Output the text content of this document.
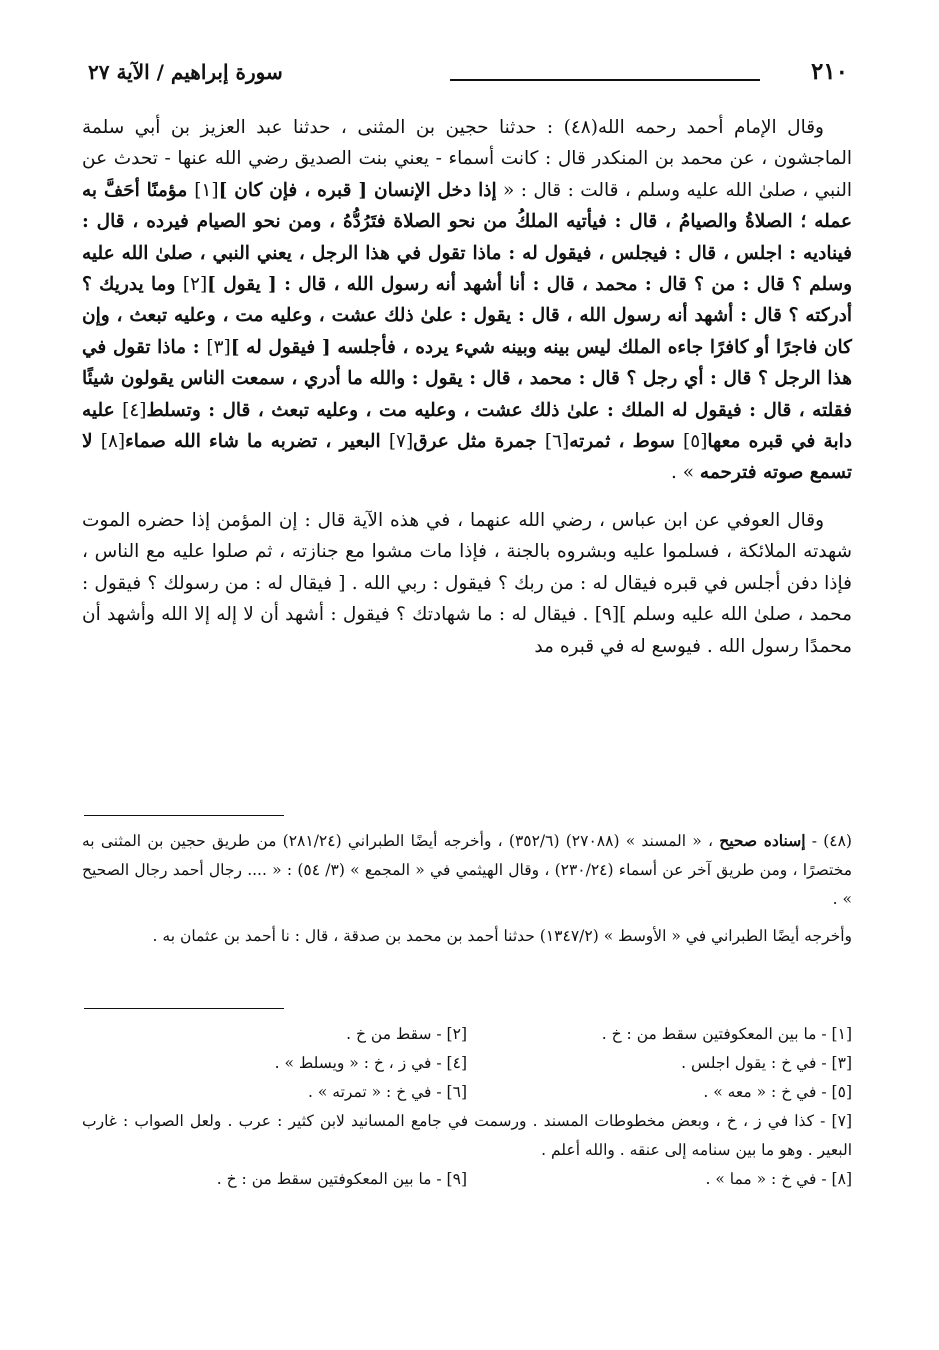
٢١٠
سورة إبراهيم / الآية ٢٧

وقال الإمام أحمد رحمه الله(٤٨) : حدثنا حجين بن المثنى ، حدثنا عبد العزيز بن أبي سلمة الماجشون ، عن محمد بن المنكدر قال : كانت أسماء - يعني بنت الصديق رضي الله عنها - تحدث عن النبي ، صلىٰ الله عليه وسلم ، قالت : قال : « إذا دخل الإنسان [ قبره ، فإن كان ][١] مؤمنًا أحَفَّ به عمله ؛ الصلاةُ والصيامُ ، قال : فيأتيه الملكُ من نحو الصلاة فتَرُدُّهُ ، ومن نحو الصيام فيرده ، قال : فيناديه : اجلس ، قال : فيجلس ، فيقول له : ماذا تقول في هذا الرجل ، يعني النبي ، صلىٰ الله عليه وسلم ؟ قال : من ؟ قال : محمد ، قال : أنا أشهد أنه رسول الله ، قال : [ يقول ][٢] وما يدريك ؟ أدركته ؟ قال : أشهد أنه رسول الله ، قال : يقول : علىٰ ذلك عشت ، وعليه مت ، وعليه تبعث ، وإن كان فاجرًا أو كافرًا جاءه الملك ليس بينه وبينه شيء يرده ، فأجلسه [ فيقول له ][٣] : ماذا تقول في هذا الرجل ؟ قال : أي رجل ؟ قال : محمد ، قال : يقول : والله ما أدري ، سمعت الناس يقولون شيئًا فقلته ، قال : فيقول له الملك : علىٰ ذلك عشت ، وعليه مت ، وعليه تبعث ، قال : وتسلط[٤] عليه دابة في قبره معها[٥] سوط ، ثمرته[٦] جمرة مثل عرق[٧] البعير ، تضربه ما شاء الله صماء[٨] لا تسمع صوته فترحمه » .

وقال العوفي عن ابن عباس ، رضي الله عنهما ، في هذه الآية قال : إن المؤمن إذا حضره الموت شهدته الملائكة ، فسلموا عليه وبشروه بالجنة ، فإذا مات مشوا مع جنازته ، ثم صلوا عليه مع الناس ، فإذا دفن أجلس في قبره فيقال له : من ربك ؟ فيقول : ربي الله . [ فيقال له : من رسولك ؟ فيقول : محمد ، صلىٰ الله عليه وسلم ][٩] . فيقال له : ما شهادتك ؟ فيقول : أشهد أن لا إله إلا الله وأشهد أن محمدًا رسول الله . فيوسع له في قبره مد

(٤٨) - إسناده صحيح ، « المسند » (٢٧٠٨٨) (٣٥٢/٦) ، وأخرجه أيضًا الطبراني (٢٨١/٢٤) من طريق حجين بن المثنى به مختصرًا ، ومن طريق آخر عن أسماء (٢٣٠/٢٤) ، وقال الهيثمي في « المجمع » (٣/ ٥٤) : « .... رجال أحمد رجال الصحيح » .

وأخرجه أيضًا الطبراني في « الأوسط » (١٣٤٧/٢) حدثنا أحمد بن محمد بن صدقة ، قال : نا أحمد بن عثمان به .

[١] - ما بين المعكوفتين سقط من : خ .
[٢] - سقط من خ .
[٣] - في خ : يقول اجلس .
[٤] - في ز ، خ : « ويسلط » .
[٥] - في خ : « معه » .
[٦] - في خ : « تمرته » .
[٧] - كذا في ز ، خ ، وبعض مخطوطات المسند . ورسمت في جامع المسانيد لابن كثير : عرب . ولعل الصواب : غارب البعير . وهو ما بين سنامه إلى عنقه . والله أعلم .
[٨] - في خ : « مما » .
[٩] - ما بين المعكوفتين سقط من : خ .
